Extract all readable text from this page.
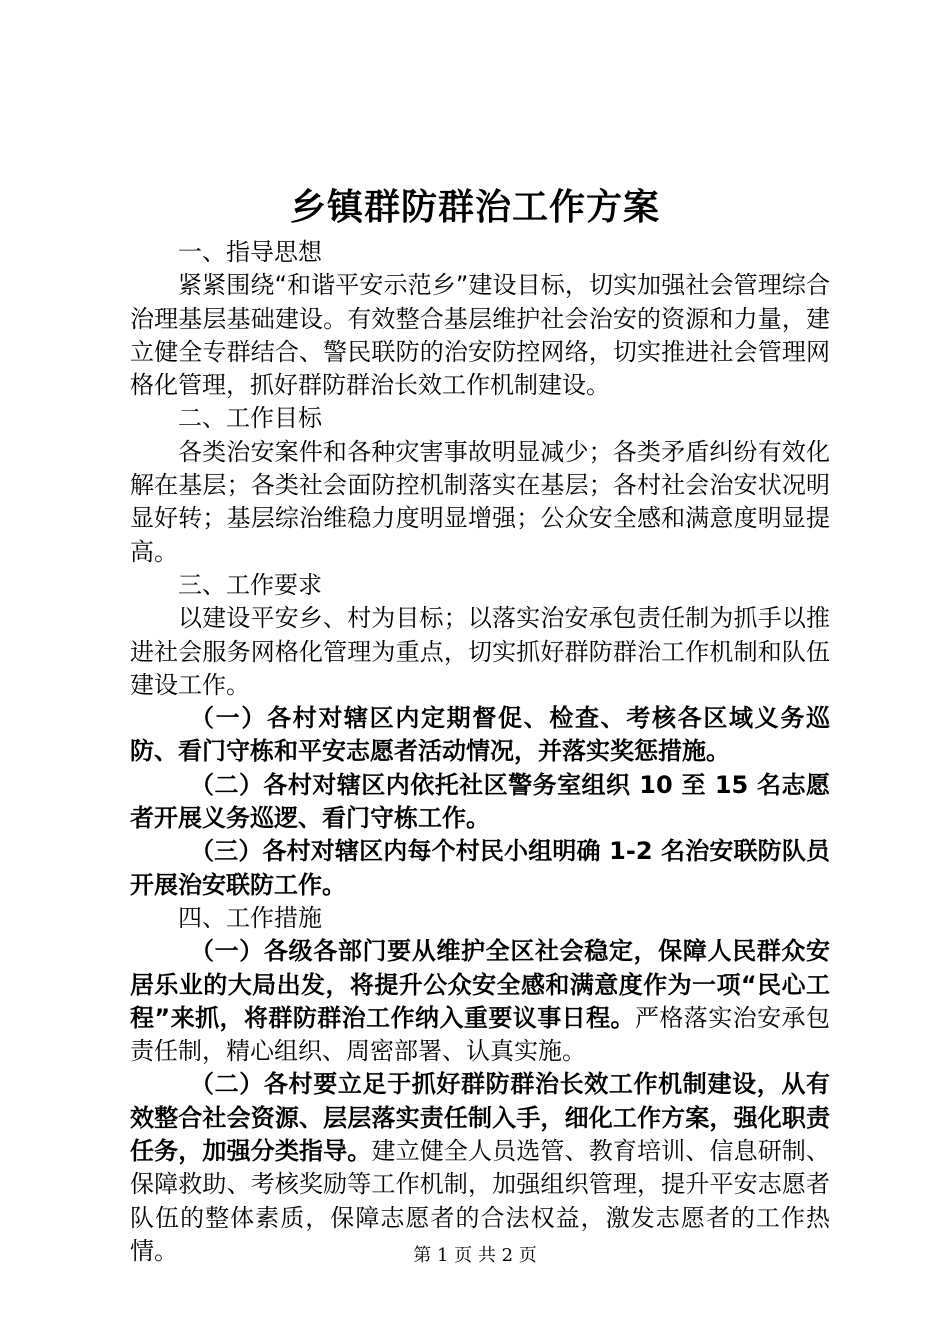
乡镇群防群治工作方案

一、指导思想

紧紧围绕“和谐平安示范乡”建设目标，切实加强社会管理综合治理基层基础建设。有效整合基层维护社会治安的资源和力量，建立健全专群结合、警民联防的治安防控网络，切实推进社会管理网格化管理，抓好群防群治长效工作机制建设。

二、工作目标

各类治安案件和各种灾害事故明显减少；各类矛盾纠纷有效化解在基层；各类社会面防控机制落实在基层；各村社会治安状况明显好转；基层综治维稳力度明显增强；公众安全感和满意度明显提高。

三、工作要求

以建设平安乡、村为目标；以落实治安承包责任制为抓手以推进社会服务网格化管理为重点，切实抓好群防群治工作机制和队伍建设工作。

（一）各村对辖区内定期督促、检查、考核各区域义务巡防、看门守栋和平安志愿者活动情况，并落实奖惩措施。

（二）各村对辖区内依托社区警务室组织 10 至 15 名志愿者开展义务巡逻、看门守栋工作。

（三）各村对辖区内每个村民小组明确 1-2 名治安联防队员开展治安联防工作。

四、工作措施

（一）各级各部门要从维护全区社会稳定，保障人民群众安居乐业的大局出发，将提升公众安全感和满意度作为一项“民心工程”来抓，将群防群治工作纳入重要议事日程。严格落实治安承包责任制，精心组织、周密部署、认真实施。

（二）各村要立足于抓好群防群治长效工作机制建设，从有效整合社会资源、层层落实责任制入手，细化工作方案，强化职责任务，加强分类指导。建立健全人员选管、教育培训、信息研制、保障救助、考核奖励等工作机制，加强组织管理，提升平安志愿者队伍的整体素质，保障志愿者的合法权益，激发志愿者的工作热情。	第 1 页 共 2 页
